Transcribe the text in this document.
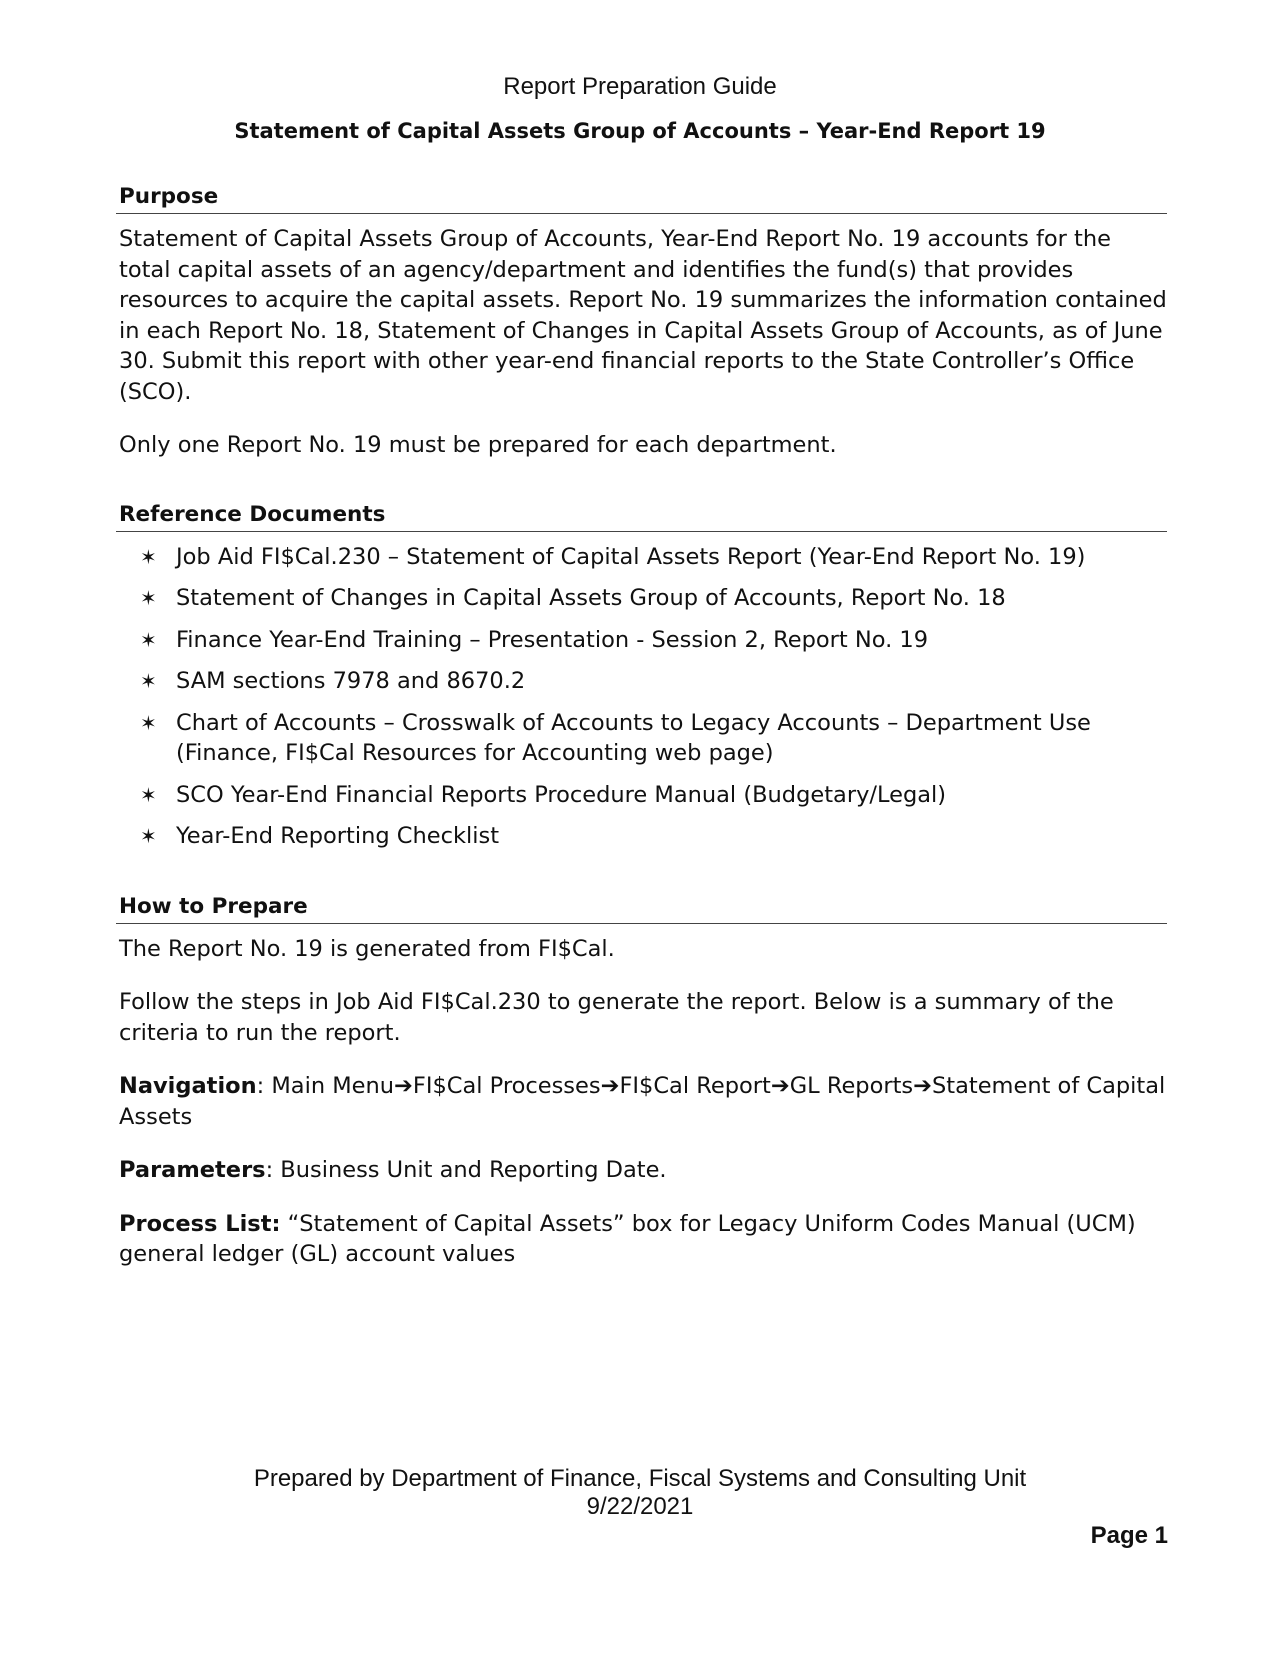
Report Preparation Guide
Statement of Capital Assets Group of Accounts – Year-End Report 19
Purpose

Statement of Capital Assets Group of Accounts, Year-End Report No. 19 accounts for the total capital assets of an agency/department and identifies the fund(s) that provides resources to acquire the capital assets. Report No. 19 summarizes the information contained in each Report No. 18, Statement of Changes in Capital Assets Group of Accounts, as of June 30. Submit this report with other year-end financial reports to the State Controller’s Office (SCO).

Only one Report No. 19 must be prepared for each department.

Reference Documents
✶ Job Aid FI$Cal.230 – Statement of Capital Assets Report (Year-End Report No. 19)
✶ Statement of Changes in Capital Assets Group of Accounts, Report No. 18
✶ Finance Year-End Training – Presentation - Session 2, Report No. 19
✶ SAM sections 7978 and 8670.2
✶ Chart of Accounts – Crosswalk of Accounts to Legacy Accounts – Department Use (Finance, FI$Cal Resources for Accounting web page)
✶ SCO Year-End Financial Reports Procedure Manual (Budgetary/Legal)
✶ Year-End Reporting Checklist
How to Prepare

The Report No. 19 is generated from FI$Cal.

Follow the steps in Job Aid FI$Cal.230 to generate the report. Below is a summary of the criteria to run the report.

Navigation: Main Menu➔FI$Cal Processes➔FI$Cal Report➔GL Reports➔Statement of Capital Assets

Parameters: Business Unit and Reporting Date.

Process List: “Statement of Capital Assets” box for Legacy Uniform Codes Manual (UCM) general ledger (GL) account values

Prepared by Department of Finance, Fiscal Systems and Consulting Unit
9/22/2021
Page 1
